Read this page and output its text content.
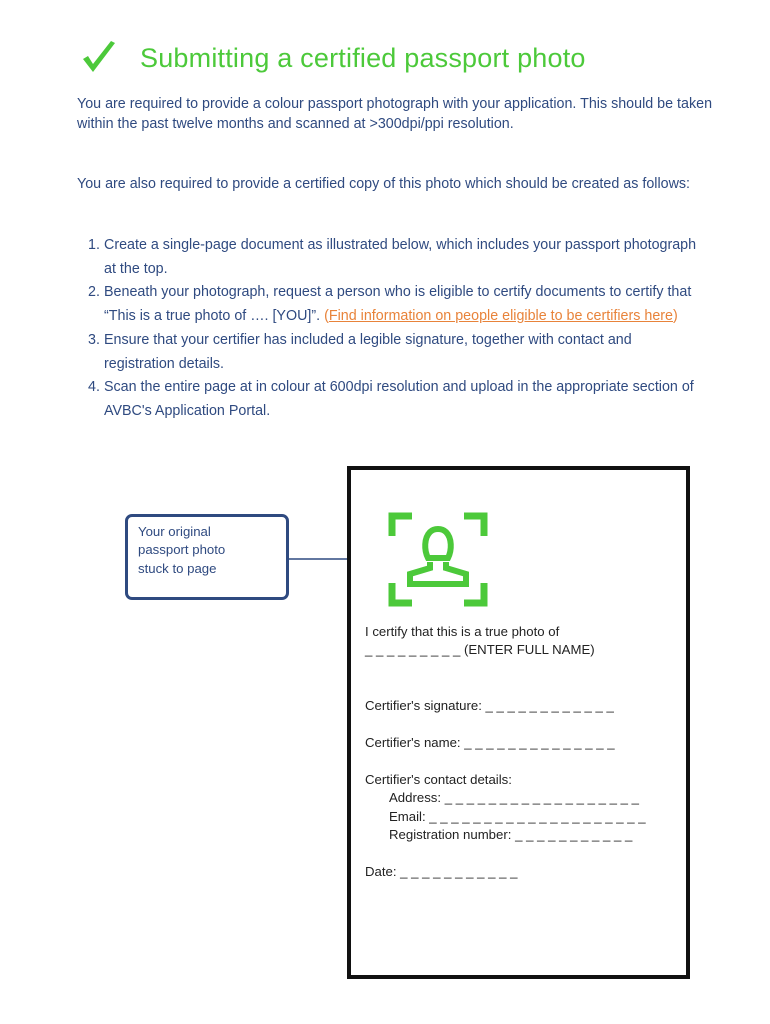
Submitting a certified passport photo

You are required to provide a colour passport photograph with your application. This should be taken within the past twelve months and scanned at >300dpi/ppi resolution.

You are also required to provide a certified copy of this photo which should be created as follows:

1. Create a single-page document as illustrated below, which includes your passport photograph at the top.
2. Beneath your photograph, request a person who is eligible to certify documents to certify that “This is a true photo of …. [YOU]”. (Find information on people eligible to be certifiers here)
3. Ensure that your certifier has included a legible signature, together with contact and registration details.
4. Scan the entire page at in colour at 600dpi resolution and upload in the appropriate section of AVBC's Application Portal.
Your original
passport photo
stuck to page
I certify that this is a true photo of
_ _ _ _ _ _ _ _ _ (ENTER FULL NAME)
Certifier's signature: _ _ _ _ _ _ _ _ _ _ _ _
Certifier's name: _ _ _ _ _ _ _ _ _ _ _ _ _ _
Certifier's contact details:
Address: _ _ _ _ _ _ _ _ _ _ _ _ _ _ _ _ _ _
Email: _ _ _ _ _ _ _ _ _ _ _ _ _ _ _ _ _ _ _ _
Registration number: _ _ _ _ _ _ _ _ _ _ _
Date: _ _ _ _ _ _ _ _ _ _ _
